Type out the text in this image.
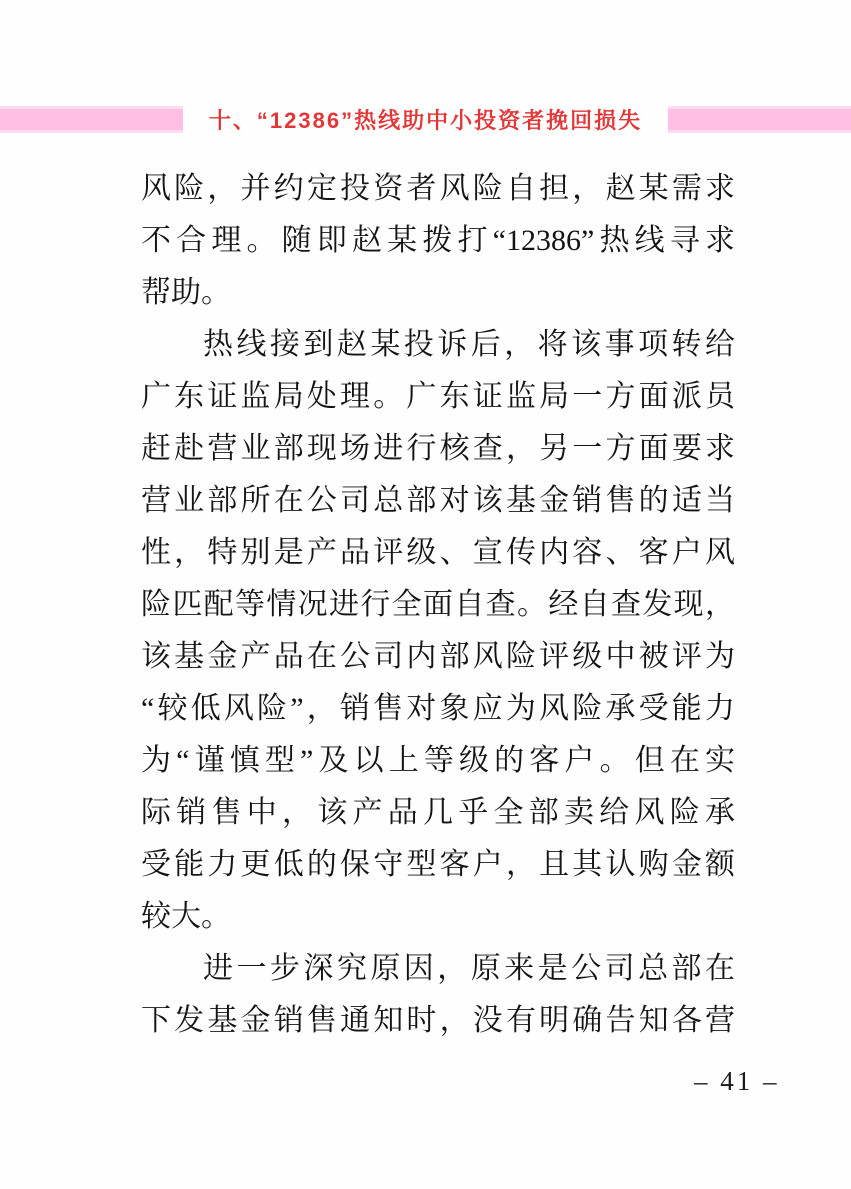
十、“12386”热线助中小投资者挽回损失
风险，并约定投资者风险自担，赵某需求
不合理。随即赵某拨打“12386”热线寻求
帮助。
热线接到赵某投诉后，将该事项转给
广东证监局处理。广东证监局一方面派员
赶赴营业部现场进行核查，另一方面要求
营业部所在公司总部对该基金销售的适当
性，特别是产品评级、宣传内容、客户风
险匹配等情况进行全面自查。经自查发现，
该基金产品在公司内部风险评级中被评为
“较低风险”，销售对象应为风险承受能力
为“谨慎型”及以上等级的客户。但在实
际销售中，该产品几乎全部卖给风险承
受能力更低的保守型客户，且其认购金额
较大。
进一步深究原因，原来是公司总部在
下发基金销售通知时，没有明确告知各营
– 41 –
